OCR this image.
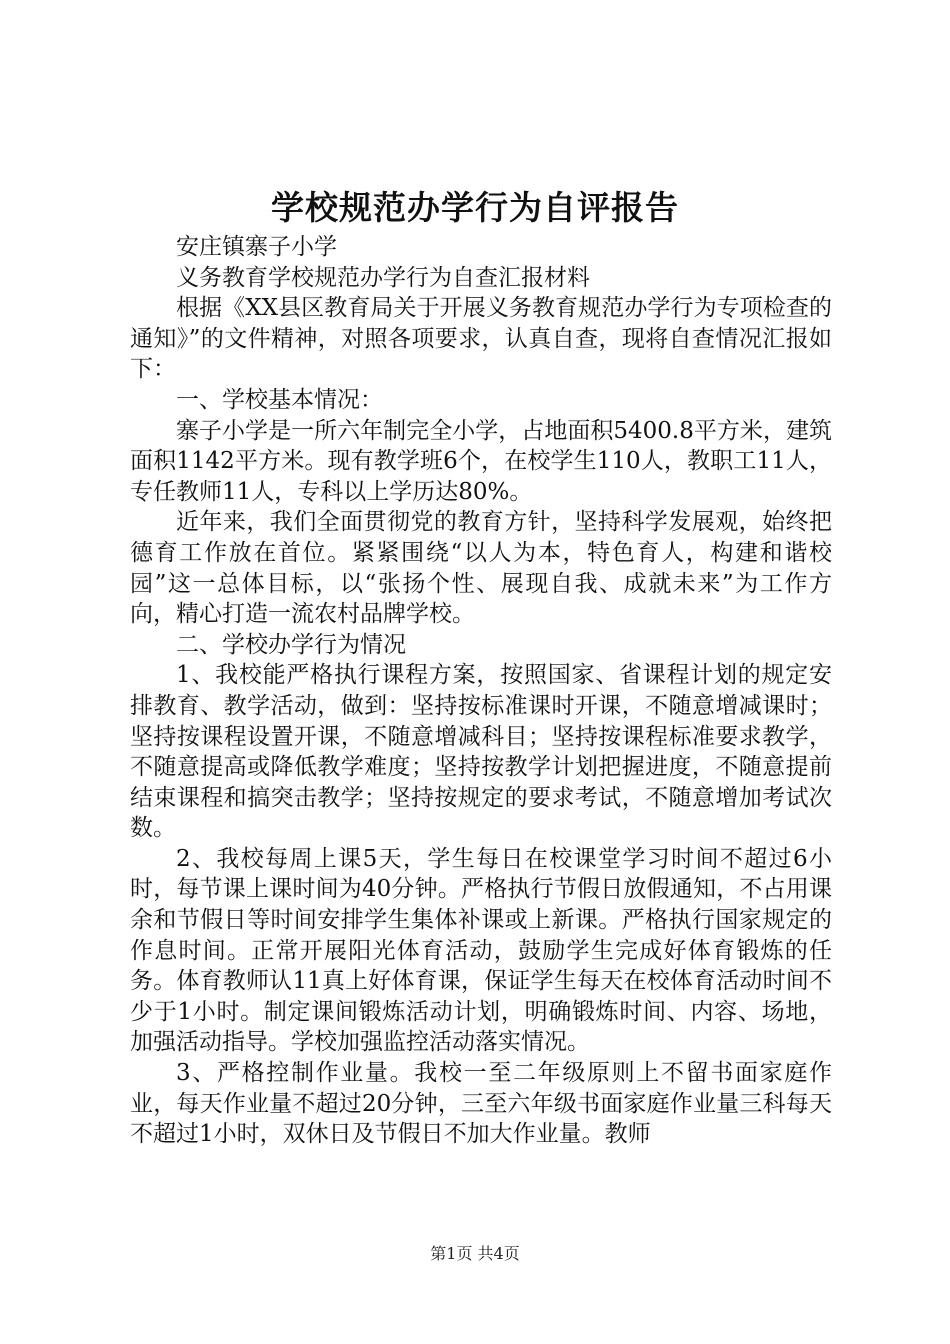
学校规范办学行为自评报告

安庄镇寨子小学

义务教育学校规范办学行为自查汇报材料

根据《XX县区教育局关于开展义务教育规范办学行为专项检查的通知》”的文件精神，对照各项要求，认真自查，现将自查情况汇报如下：

一、学校基本情况：

寨子小学是一所六年制完全小学，占地面积5400.8平方米，建筑面积1142平方米。现有教学班6个，在校学生110人，教职工11人，专任教师11人，专科以上学历达80%。

近年来，我们全面贯彻党的教育方针，坚持科学发展观，始终把德育工作放在首位。紧紧围绕“以人为本，特色育人，构建和谐校园”这一总体目标，以“张扬个性、展现自我、成就未来”为工作方向，精心打造一流农村品牌学校。

二、学校办学行为情况

1、我校能严格执行课程方案，按照国家、省课程计划的规定安排教育、教学活动，做到：坚持按标准课时开课，不随意增减课时；坚持按课程设置开课，不随意增减科目；坚持按课程标准要求教学，不随意提高或降低教学难度；坚持按教学计划把握进度，不随意提前结束课程和搞突击教学；坚持按规定的要求考试，不随意增加考试次数。

2、我校每周上课5天，学生每日在校课堂学习时间不超过6小时，每节课上课时间为40分钟。严格执行节假日放假通知，不占用课余和节假日等时间安排学生集体补课或上新课。严格执行国家规定的作息时间。正常开展阳光体育活动，鼓励学生完成好体育锻炼的任务。体育教师认11真上好体育课，保证学生每天在校体育活动时间不少于1小时。制定课间锻炼活动计划，明确锻炼时间、内容、场地，加强活动指导。学校加强监控活动落实情况。

3、严格控制作业量。我校一至二年级原则上不留书面家庭作业，每天作业量不超过20分钟，三至六年级书面家庭作业量三科每天不超过1小时，双休日及节假日不加大作业量。教师

第1页 共4页
